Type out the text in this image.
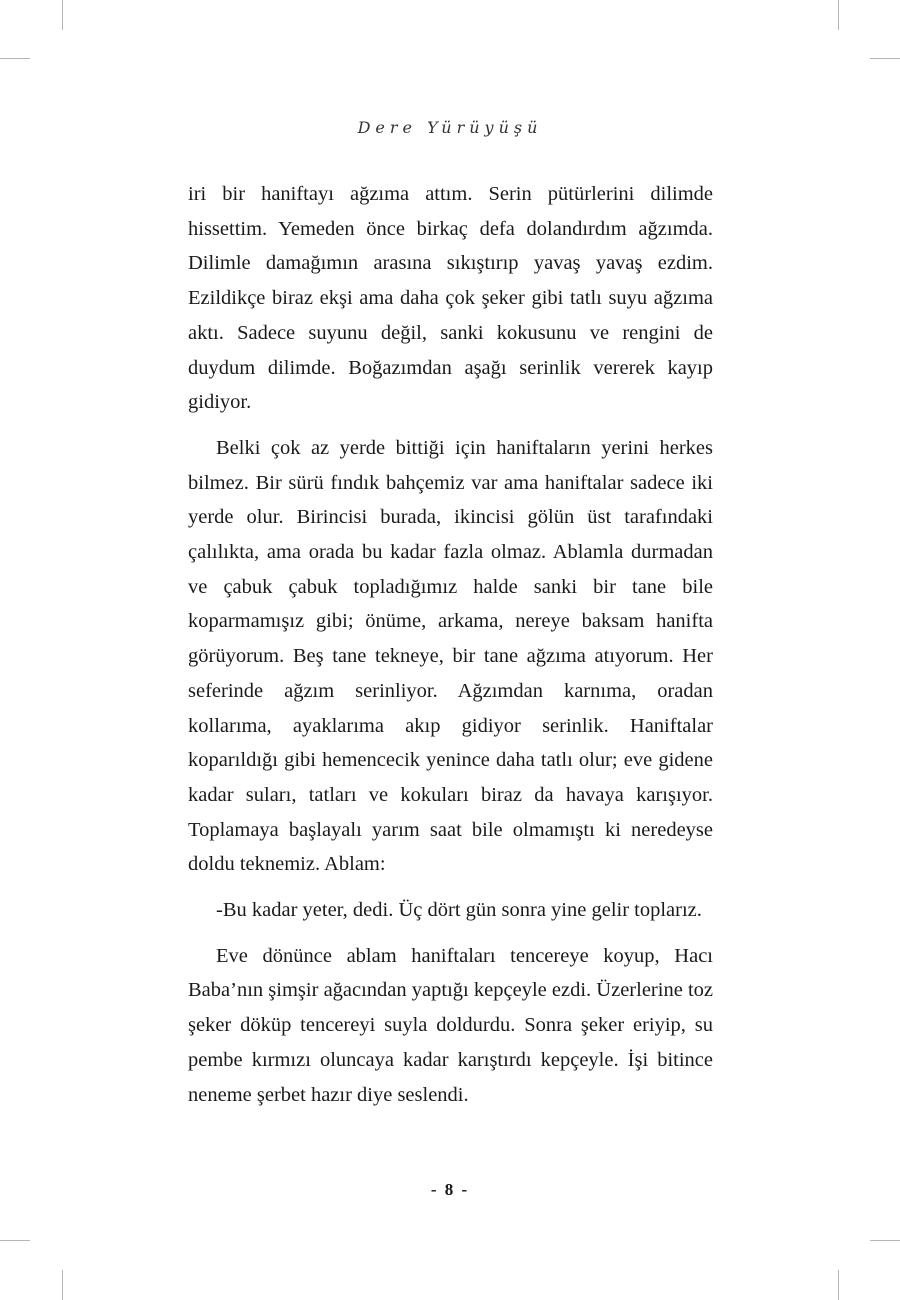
Dere Yürüyüşü

iri bir haniftayı ağzıma attım. Serin pütürlerini dilimde hissettim. Yemeden önce birkaç defa dolandırdım ağzımda. Dilimle damağımın arasına sıkıştırıp yavaş yavaş ezdim. Ezildikçe biraz ekşi ama daha çok şeker gibi tatlı suyu ağzıma aktı. Sadece suyunu değil, sanki kokusunu ve rengini de duydum dilimde. Boğazımdan aşağı serinlik vererek kayıp gidiyor.

Belki çok az yerde bittiği için haniftaların yerini herkes bilmez. Bir sürü fındık bahçemiz var ama haniftalar sadece iki yerde olur. Birincisi burada, ikincisi gölün üst tarafındaki çalılıkta, ama orada bu kadar fazla olmaz. Ablamla durmadan ve çabuk çabuk topladığımız halde sanki bir tane bile koparmamışız gibi; önüme, arkama, nereye baksam hanifta görüyorum. Beş tane tekneye, bir tane ağzıma atıyorum. Her seferinde ağzım serinliyor. Ağzımdan karnıma, oradan kollarıma, ayaklarıma akıp gidiyor serinlik. Haniftalar koparıldığı gibi hemencecik yenince daha tatlı olur; eve gidene kadar suları, tatları ve kokuları biraz da havaya karışıyor. Toplamaya başlayalı yarım saat bile olmamıştı ki neredeyse doldu teknemiz. Ablam:

-Bu kadar yeter, dedi. Üç dört gün sonra yine gelir toplarız.

Eve dönünce ablam haniftaları tencereye koyup, Hacı Baba’nın şimşir ağacından yaptığı kepçeyle ezdi. Üzerlerine toz şeker döküp tencereyi suyla doldurdu. Sonra şeker eriyip, su pembe kırmızı oluncaya kadar karıştırdı kepçeyle. İşi bitince neneme şerbet hazır diye seslendi.

- 8 -
